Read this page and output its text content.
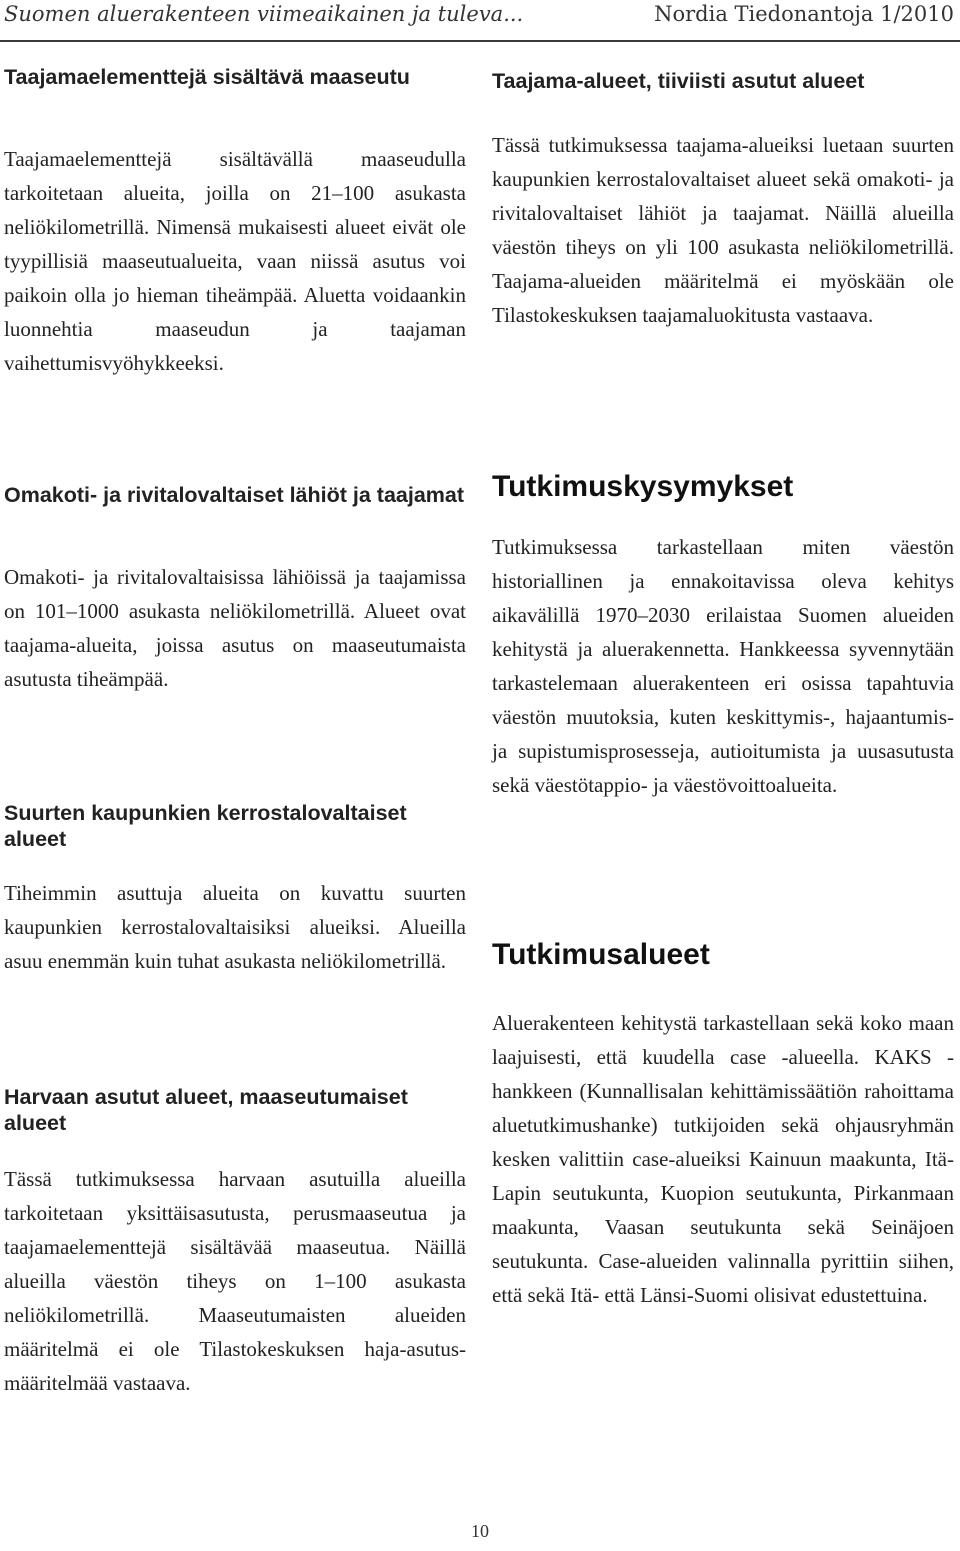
Suomen aluerakenteen viimeaikainen ja tuleva...	Nordia Tiedonantoja 1/2010
Taajamaelementtejä sisältävä maaseutu

Taajamaelementtejä sisältävällä maaseudulla tarkoitetaan alueita, joilla on 21–100 asukasta neliökilometrillä. Nimensä mukaisesti alueet eivät ole tyypillisiä maaseutualueita, vaan niissä asutus voi paikoin olla jo hieman tiheämpää. Aluetta voidaankin luonnehtia maaseudun ja taajaman vaihettumisvyöhykkeeksi.

Omakoti- ja rivitalovaltaiset lähiöt ja taajamat

Omakoti- ja rivitalovaltaisissa lähiöissä ja taajamissa on 101–1000 asukasta neliökilometrillä. Alueet ovat taajama-alueita, joissa asutus on maaseutumaista asutusta tiheämpää.

Suurten kaupunkien kerrostalovaltaiset alueet

Tiheimmin asuttuja alueita on kuvattu suurten kaupunkien kerrostalovaltaisiksi alueiksi. Alueilla asuu enemmän kuin tuhat asukasta neliökilometrillä.

Harvaan asutut alueet, maaseutumaiset alueet

Tässä tutkimuksessa harvaan asutuilla alueilla tarkoitetaan yksittäisasutusta, perusmaaseutua ja taajamaelementtejä sisältävää maaseutua. Näillä alueilla väestön tiheys on 1–100 asukasta neliökilometrillä. Maaseutumaisten alueiden määritelmä ei ole Tilastokeskuksen haja-asutus-määritelmää vastaava.

Taajama-alueet, tiiviisti asutut alueet

Tässä tutkimuksessa taajama-alueiksi luetaan suurten kaupunkien kerrostalovaltaiset alueet sekä omakoti- ja rivitalovaltaiset lähiöt ja taajamat. Näillä alueilla väestön tiheys on yli 100 asukasta neliökilometrillä. Taajama-alueiden määritelmä ei myöskään ole Tilastokeskuksen taajamaluokitusta vastaava.

Tutkimuskysymykset

Tutkimuksessa tarkastellaan miten väestön historiallinen ja ennakoitavissa oleva kehitys aikavälillä 1970–2030 erilaistaa Suomen alueiden kehitystä ja aluerakennetta. Hankkeessa syvennytään tarkastelemaan aluerakenteen eri osissa tapahtuvia väestön muutoksia, kuten keskittymis-, hajaantumis- ja supistumisprosesseja, autioitumista ja uusasutusta sekä väestötappio- ja väestövoittoalueita.

Tutkimusalueet

Aluerakenteen kehitystä tarkastellaan sekä koko maan laajuisesti, että kuudella case -alueella. KAKS -hankkeen (Kunnallisalan kehittämissäätiön rahoittama aluetutkimushanke) tutkijoiden sekä ohjausryhmän kesken valittiin case-alueiksi Kainuun maakunta, Itä-Lapin seutukunta, Kuopion seutukunta, Pirkanmaan maakunta, Vaasan seutukunta sekä Seinäjoen seutukunta. Case-alueiden valinnalla pyrittiin siihen, että sekä Itä- että Länsi-Suomi olisivat edustettuina.

10
